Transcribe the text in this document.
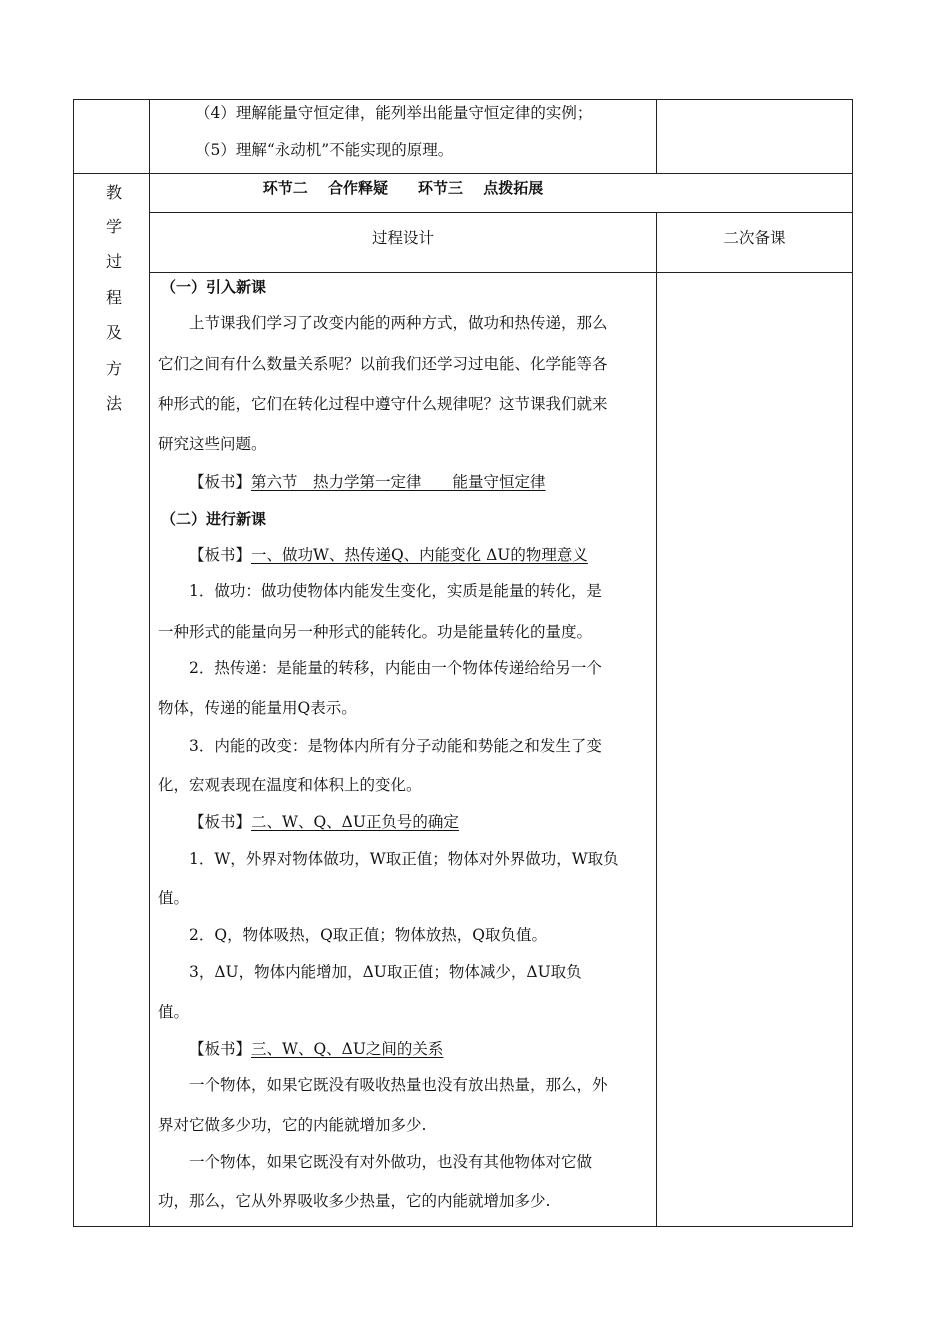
（4）理解能量守恒定律，能列举出能量守恒定律的实例；
（5）理解“永动机”不能实现的原理。
教
学
过
程
及
方
法
环节二　 合作释疑　　环节三　 点拨拓展
过程设计	二次备课
（一）引入新课
上节课我们学习了改变内能的两种方式，做功和热传递，那么
它们之间有什么数量关系呢？以前我们还学习过电能、化学能等各
种形式的能，它们在转化过程中遵守什么规律呢？这节课我们就来
研究这些问题。
【板书】第六节　热力学第一定律　　能量守恒定律
（二）进行新课
【板书】一、做功W、热传递Q、内能变化 ΔU的物理意义
1．做功：做功使物体内能发生变化，实质是能量的转化，是
一种形式的能量向另一种形式的能转化。功是能量转化的量度。
2．热传递：是能量的转移，内能由一个物体传递给给另一个
物体，传递的能量用Q表示。
3．内能的改变：是物体内所有分子动能和势能之和发生了变
化，宏观表现在温度和体积上的变化。
【板书】二、W、Q、ΔU正负号的确定
1．W，外界对物体做功，W取正值；物体对外界做功，W取负
值。
2．Q，物体吸热，Q取正值；物体放热，Q取负值。
3，ΔU，物体内能增加，ΔU取正值；物体减少，ΔU取负
值。
【板书】三、W、Q、ΔU之间的关系
一个物体，如果它既没有吸收热量也没有放出热量，那么，外
界对它做多少功，它的内能就增加多少.
一个物体，如果它既没有对外做功，也没有其他物体对它做
功，那么，它从外界吸收多少热量，它的内能就增加多少.
